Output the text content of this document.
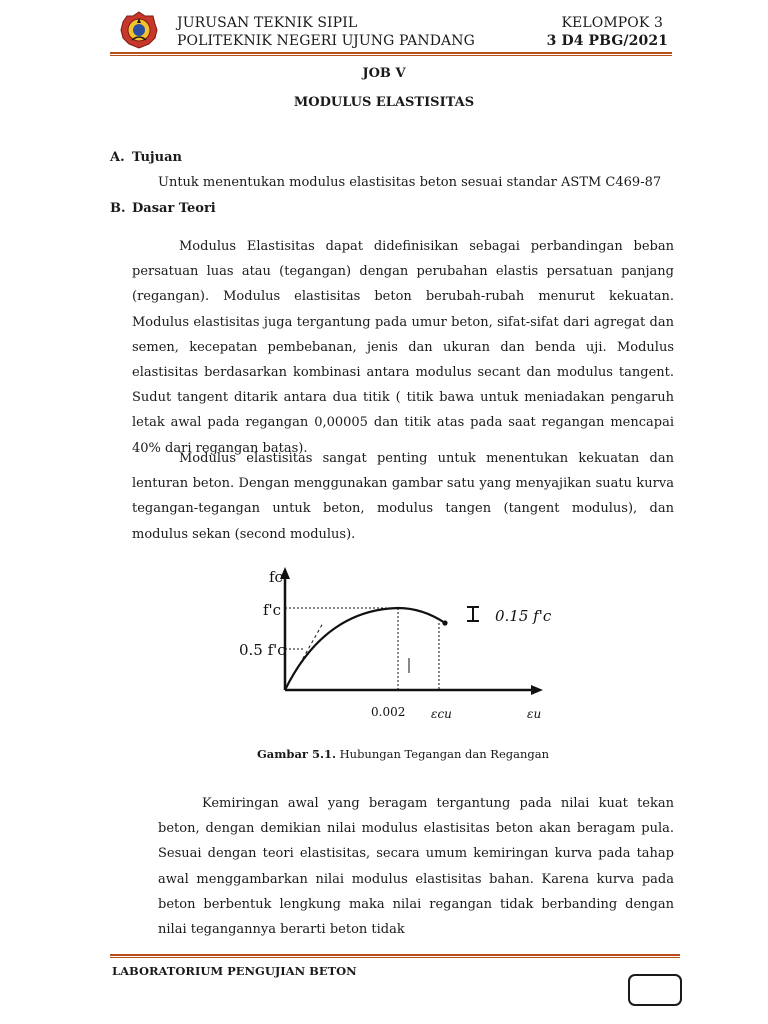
JURUSAN TEKNIK SIPIL
POLITEKNIK NEGERI UJUNG PANDANG
KELOMPOK 3
3 D4 PBG/2021
JOB V
MODULUS ELASTISITAS
A. Tujuan
Untuk menentukan modulus elastisitas beton sesuai standar ASTM C469-87
B. Dasar Teori

Modulus Elastisitas dapat didefinisikan sebagai perbandingan beban persatuan luas atau (tegangan) dengan perubahan elastis persatuan panjang (regangan). Modulus elastisitas beton berubah-rubah menurut kekuatan. Modulus elastisitas juga tergantung pada umur beton, sifat-sifat dari agregat dan semen, kecepatan pembebanan, jenis dan ukuran dan benda uji. Modulus elastisitas berdasarkan kombinasi antara modulus secant dan modulus tangent. Sudut tangent ditarik antara dua titik ( titik bawa untuk meniadakan pengaruh letak awal pada regangan 0,00005 dan titik atas pada saat regangan mencapai 40% dari regangan batas).

Modulus elastisitas sangat penting untuk menentukan kekuatan dan lenturan beton. Dengan menggunakan gambar satu yang menyajikan suatu kurva tegangan-tegangan untuk beton, modulus tangen (tangent modulus), dan modulus sekan (second modulus).

fc
f'c
0.5 f'c
0.15 f'c
0.002 εcu	εu
Gambar 5.1. Hubungan Tegangan dan Regangan

Kemiringan awal yang beragam tergantung pada nilai kuat tekan beton, dengan demikian nilai modulus elastisitas beton akan beragam pula. Sesuai dengan teori elastisitas, secara umum kemiringan kurva pada tahap awal menggambarkan nilai modulus elastisitas bahan. Karena kurva pada beton berbentuk lengkung maka nilai regangan tidak berbanding dengan nilai tegangannya berarti beton tidak

LABORATORIUM PENGUJIAN BETON
